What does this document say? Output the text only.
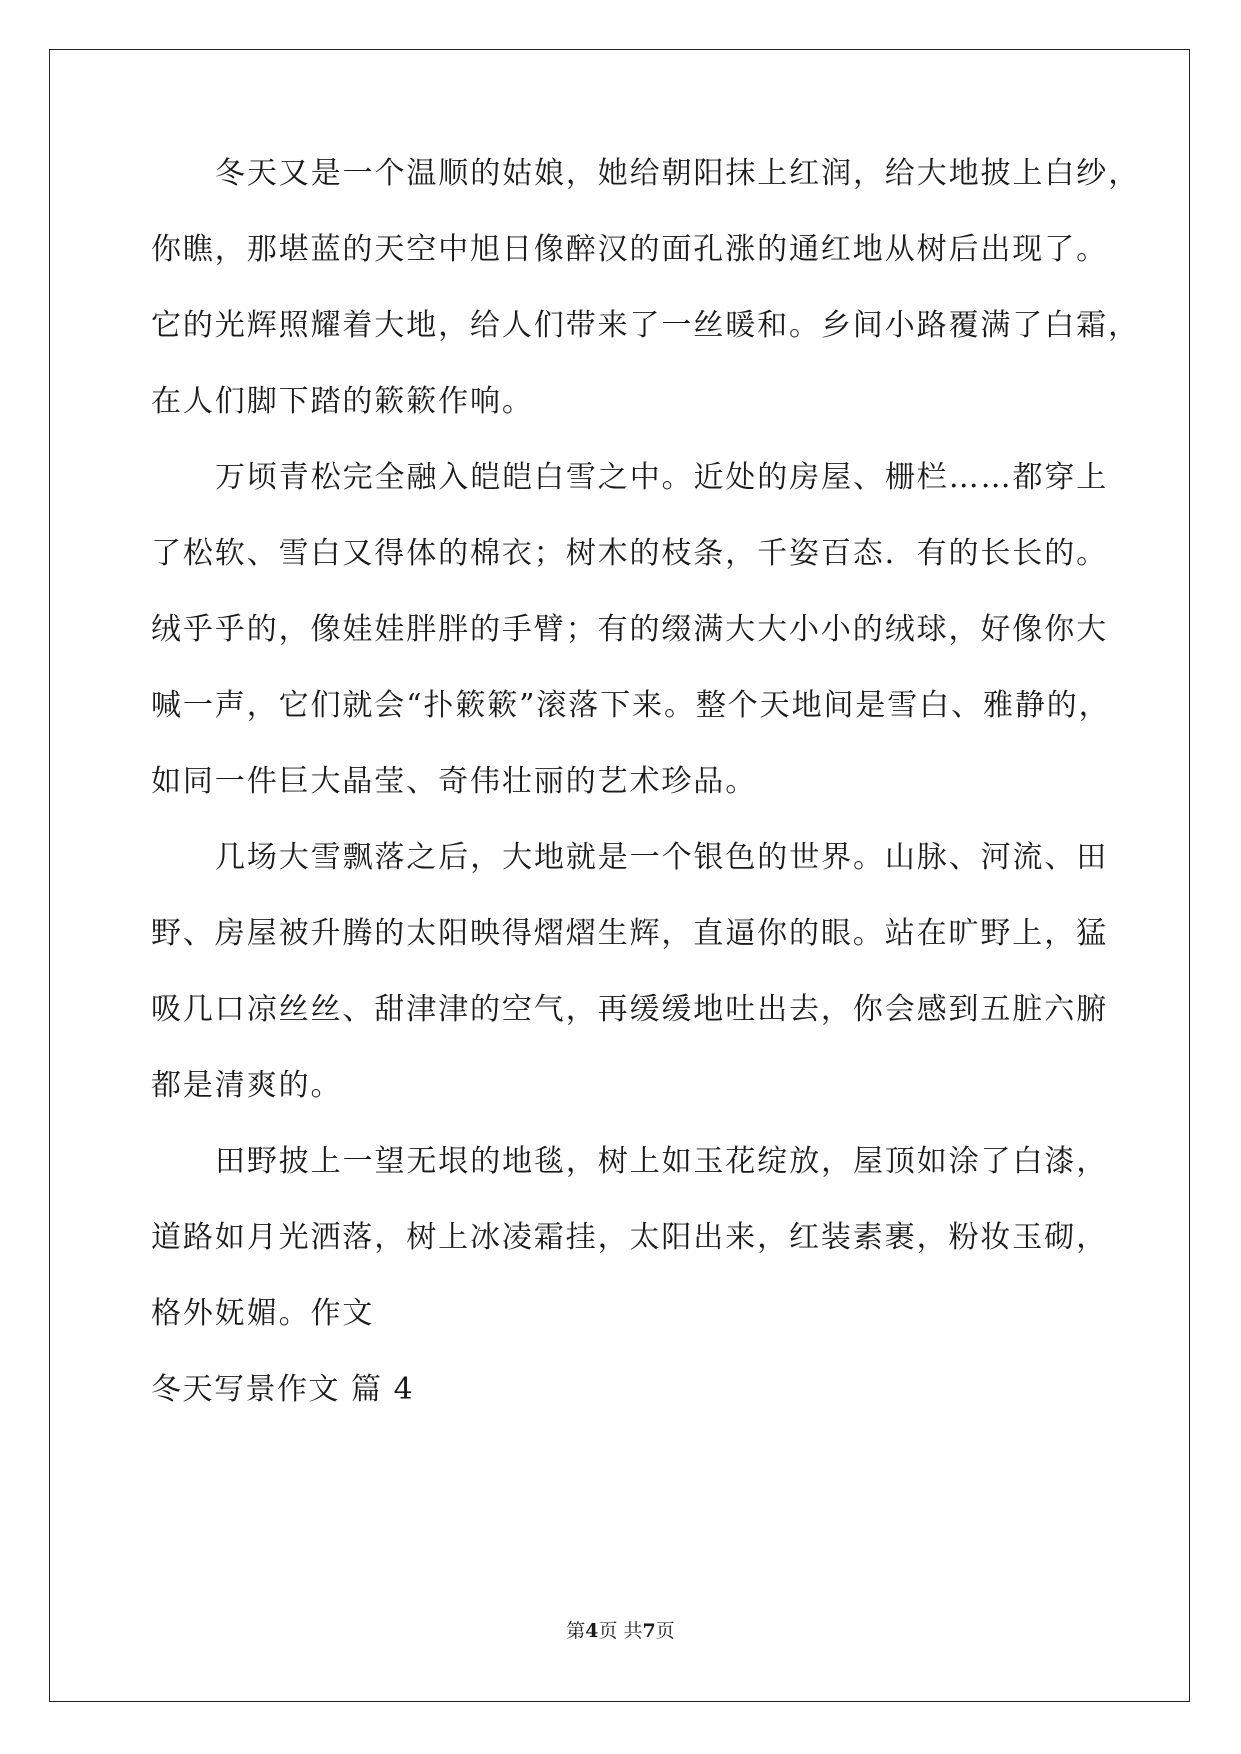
冬天又是一个温顺的姑娘，她给朝阳抹上红润，给大地披上白纱，
你瞧，那堪蓝的天空中旭日像醉汉的面孔涨的通红地从树后出现了。
它的光辉照耀着大地，给人们带来了一丝暖和。乡间小路覆满了白霜，
在人们脚下踏的簌簌作响。
万顷青松完全融入皑皑白雪之中。近处的房屋、栅栏……都穿上
了松软、雪白又得体的棉衣；树木的枝条，千姿百态．有的长长的。
绒乎乎的，像娃娃胖胖的手臂；有的缀满大大小小的绒球，好像你大
喊一声，它们就会“扑簌簌”滚落下来。整个天地间是雪白、雅静的，
如同一件巨大晶莹、奇伟壮丽的艺术珍品。
几场大雪飘落之后，大地就是一个银色的世界。山脉、河流、田
野、房屋被升腾的太阳映得熠熠生辉，直逼你的眼。站在旷野上，猛
吸几口凉丝丝、甜津津的空气，再缓缓地吐出去，你会感到五脏六腑
都是清爽的。
田野披上一望无垠的地毯，树上如玉花绽放，屋顶如涂了白漆，
道路如月光洒落，树上冰凌霜挂，太阳出来，红装素裹，粉妆玉砌，
格外妩媚。作文
冬天写景作文 篇 4
第4页 共7页
